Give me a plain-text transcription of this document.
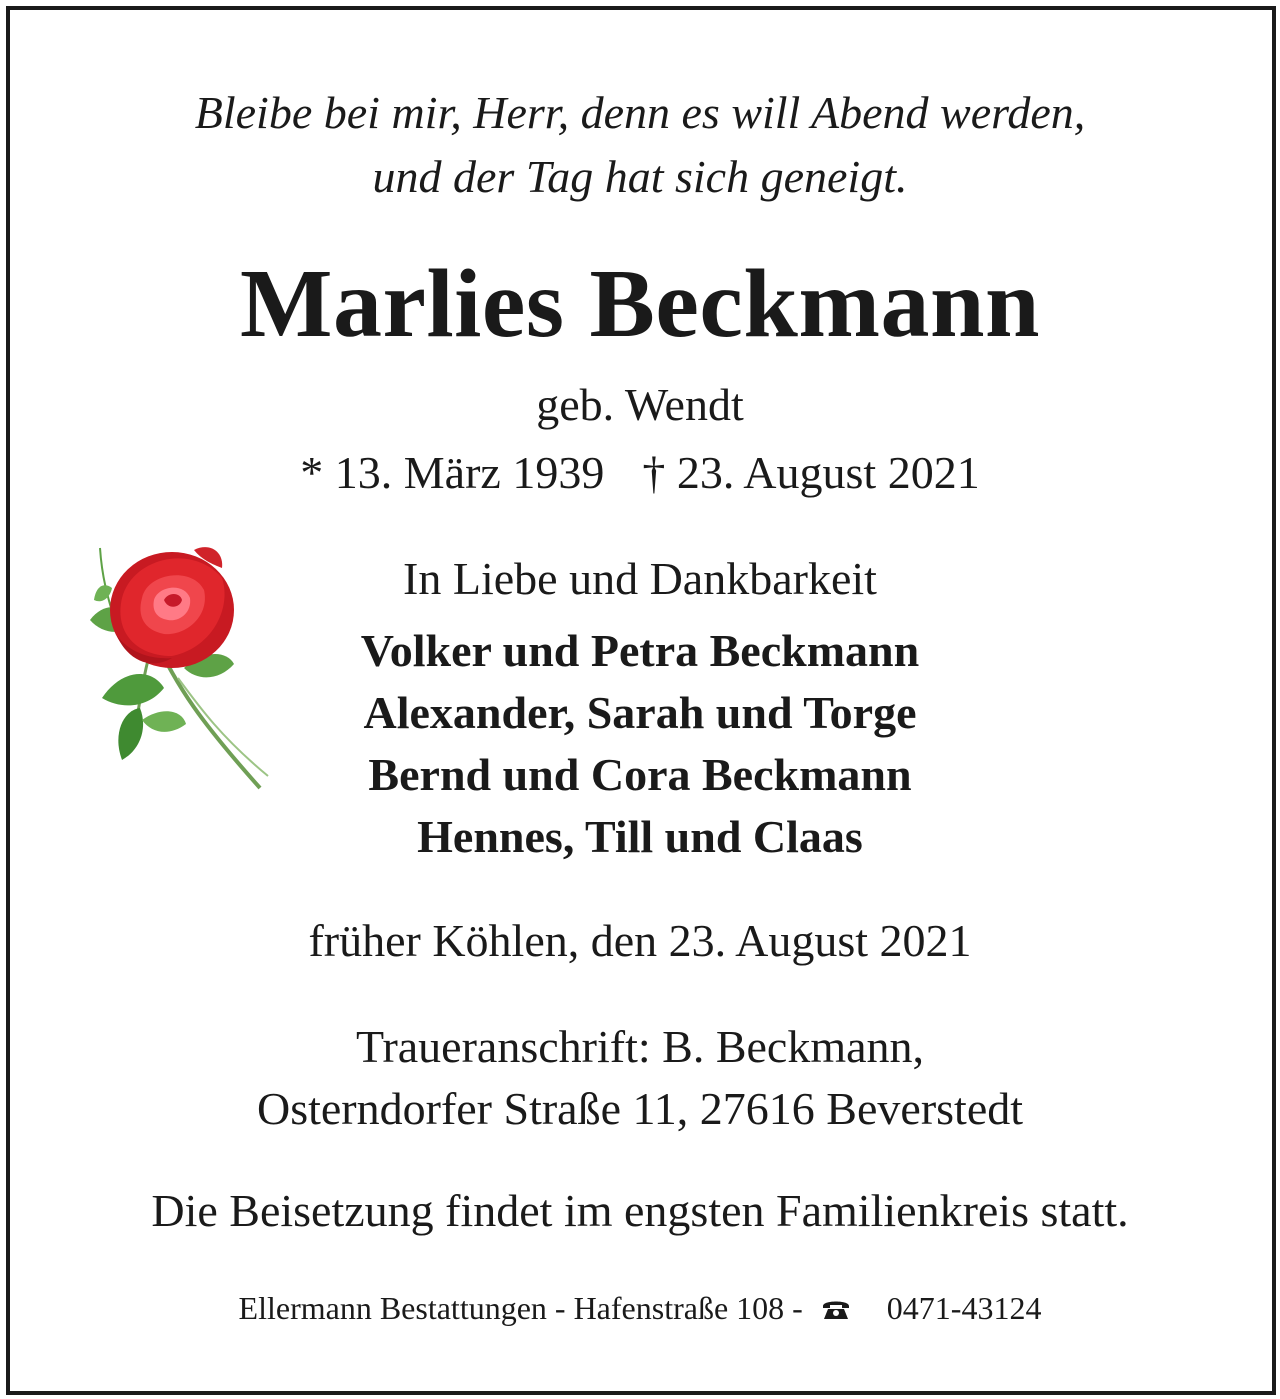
Bleibe bei mir, Herr, denn es will Abend werden,
und der Tag hat sich geneigt.
Marlies Beckmann
geb. Wendt
* 13. März 1939 † 23. August 2021
In Liebe und Dankbarkeit
Volker und Petra Beckmann
Alexander, Sarah und Torge
Bernd und Cora Beckmann
Hennes, Till und Claas
früher Köhlen, den 23. August 2021
Traueranschrift: B. Beckmann,
Osterndorfer Straße 11, 27616 Beverstedt
Die Beisetzung findet im engsten Familienkreis statt.
Ellermann Bestattungen - Hafenstraße 108 -	0471-43124
